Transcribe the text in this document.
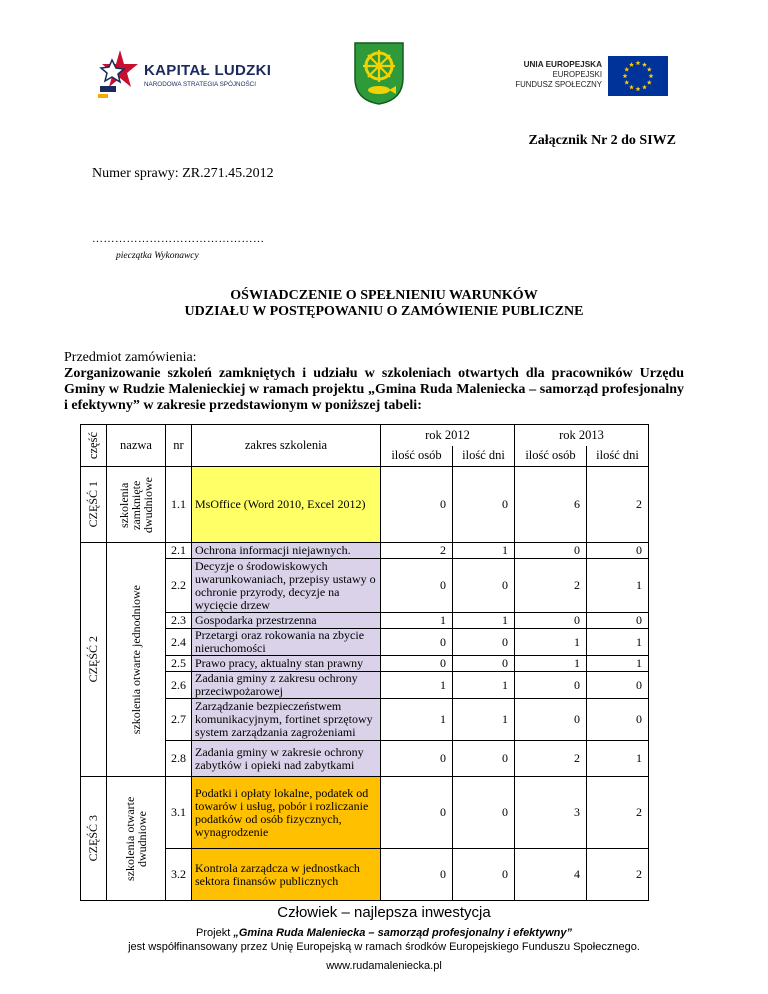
KAPITAŁ LUDZKI
NARODOWA STRATEGIA SPÓJNOŚCI
UNIA EUROPEJSKA
EUROPEJSKI
FUNDUSZ SPOŁECZNY
Załącznik Nr 2 do SIWZ
Numer sprawy: ZR.271.45.2012
………………………………………
pieczątka Wykonawcy
OŚWIADCZENIE O SPEŁNIENIU WARUNKÓW
UDZIAŁU W POSTĘPOWANIU O ZAMÓWIENIE PUBLICZNE
Przedmiot zamówienia:
Zorganizowanie szkoleń zamkniętych i udziału w szkoleniach otwartych dla pracowników Urzędu Gminy w Rudzie Malenieckiej w ramach projektu „Gmina Ruda Maleniecka – samorząd profesjonalny i efektywny” w zakresie przedstawionym w poniższej tabeli:
część	nazwa	nr	zakres szkolenia	rok 2012		rok 2013	
				ilość osób	ilość dni	ilość osób	ilość dni

CZĘŚĆ 1	szkolenia zamknięte dwudniowe	1.1	MsOffice (Word 2010, Excel 2012)	0	0	6	2

CZĘŚĆ 2	szkolenia otwarte jednodniowe	2.1	Ochrona informacji niejawnych.	2	1	0	0
		2.2	Decyzje o środowiskowych uwarunkowaniach, przepisy ustawy o ochronie przyrody, decyzje na wycięcie drzew	0	0	2	1
		2.3	Gospodarka przestrzenna	1	1	0	0
		2.4	Przetargi oraz rokowania na zbycie nieruchomości	0	0	1	1
		2.5	Prawo pracy, aktualny stan prawny	0	0	1	1
		2.6	Zadania gminy z zakresu ochrony przeciwpożarowej	1	1	0	0
		2.7	Zarządzanie bezpieczeństwem komunikacyjnym, fortinet sprzętowy system zarządzania zagrożeniami	1	1	0	0
		2.8	Zadania gminy w zakresie ochrony zabytków i opieki nad zabytkami	0	0	2	1

CZĘŚĆ 3	szkolenia otwarte dwudniowe	3.1	Podatki i opłaty lokalne, podatek od towarów i usług, pobór i rozliczanie podatków od osób fizycznych, wynagrodzenie	0	0	3	2
		3.2	Kontrola zarządcza w jednostkach sektora finansów publicznych	0	0	4	2
Człowiek – najlepsza inwestycja
Projekt „Gmina Ruda Maleniecka – samorząd profesjonalny i efektywny”
jest współfinansowany przez Unię Europejską w ramach środków Europejskiego Funduszu Społecznego.
www.rudamaleniecka.pl
